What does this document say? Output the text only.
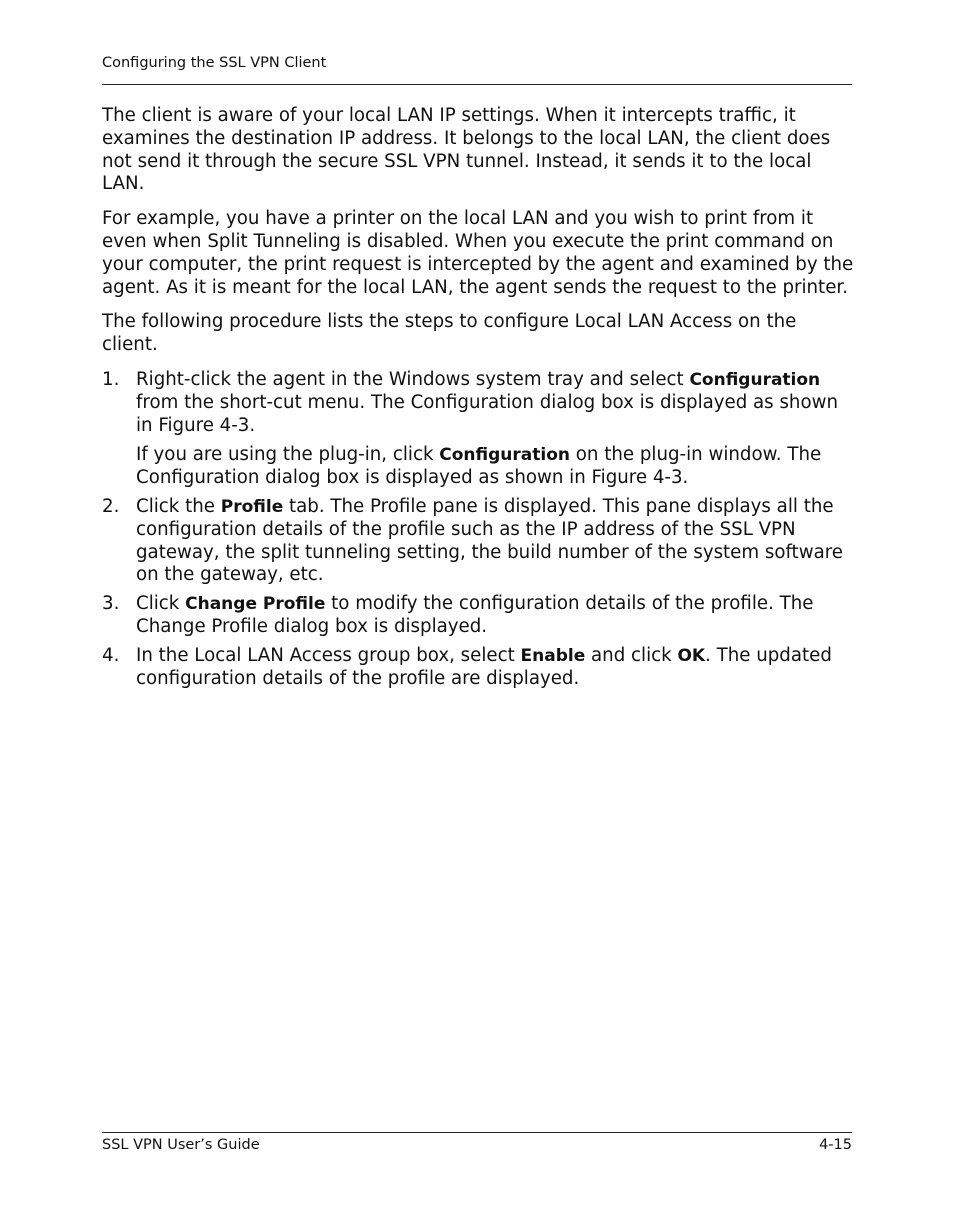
Configuring the SSL VPN Client

The client is aware of your local LAN IP settings. When it intercepts traffic, it examines the destination IP address. It belongs to the local LAN, the client does not send it through the secure SSL VPN tunnel. Instead, it sends it to the local LAN.

For example, you have a printer on the local LAN and you wish to print from it even when Split Tunneling is disabled. When you execute the print command on your computer, the print request is intercepted by the agent and examined by the agent. As it is meant for the local LAN, the agent sends the request to the printer.

The following procedure lists the steps to configure Local LAN Access on the client.

1. Right-click the agent in the Windows system tray and select Configuration from the short-cut menu. The Configuration dialog box is displayed as shown in Figure 4-3.

If you are using the plug-in, click Configuration on the plug-in window. The Configuration dialog box is displayed as shown in Figure 4-3.

2. Click the Profile tab. The Profile pane is displayed. This pane displays all the configuration details of the profile such as the IP address of the SSL VPN gateway, the split tunneling setting, the build number of the system software on the gateway, etc.

3. Click Change Profile to modify the configuration details of the profile. The Change Profile dialog box is displayed.

4. In the Local LAN Access group box, select Enable and click OK. The updated configuration details of the profile are displayed.

SSL VPN User’s Guide	4-15
